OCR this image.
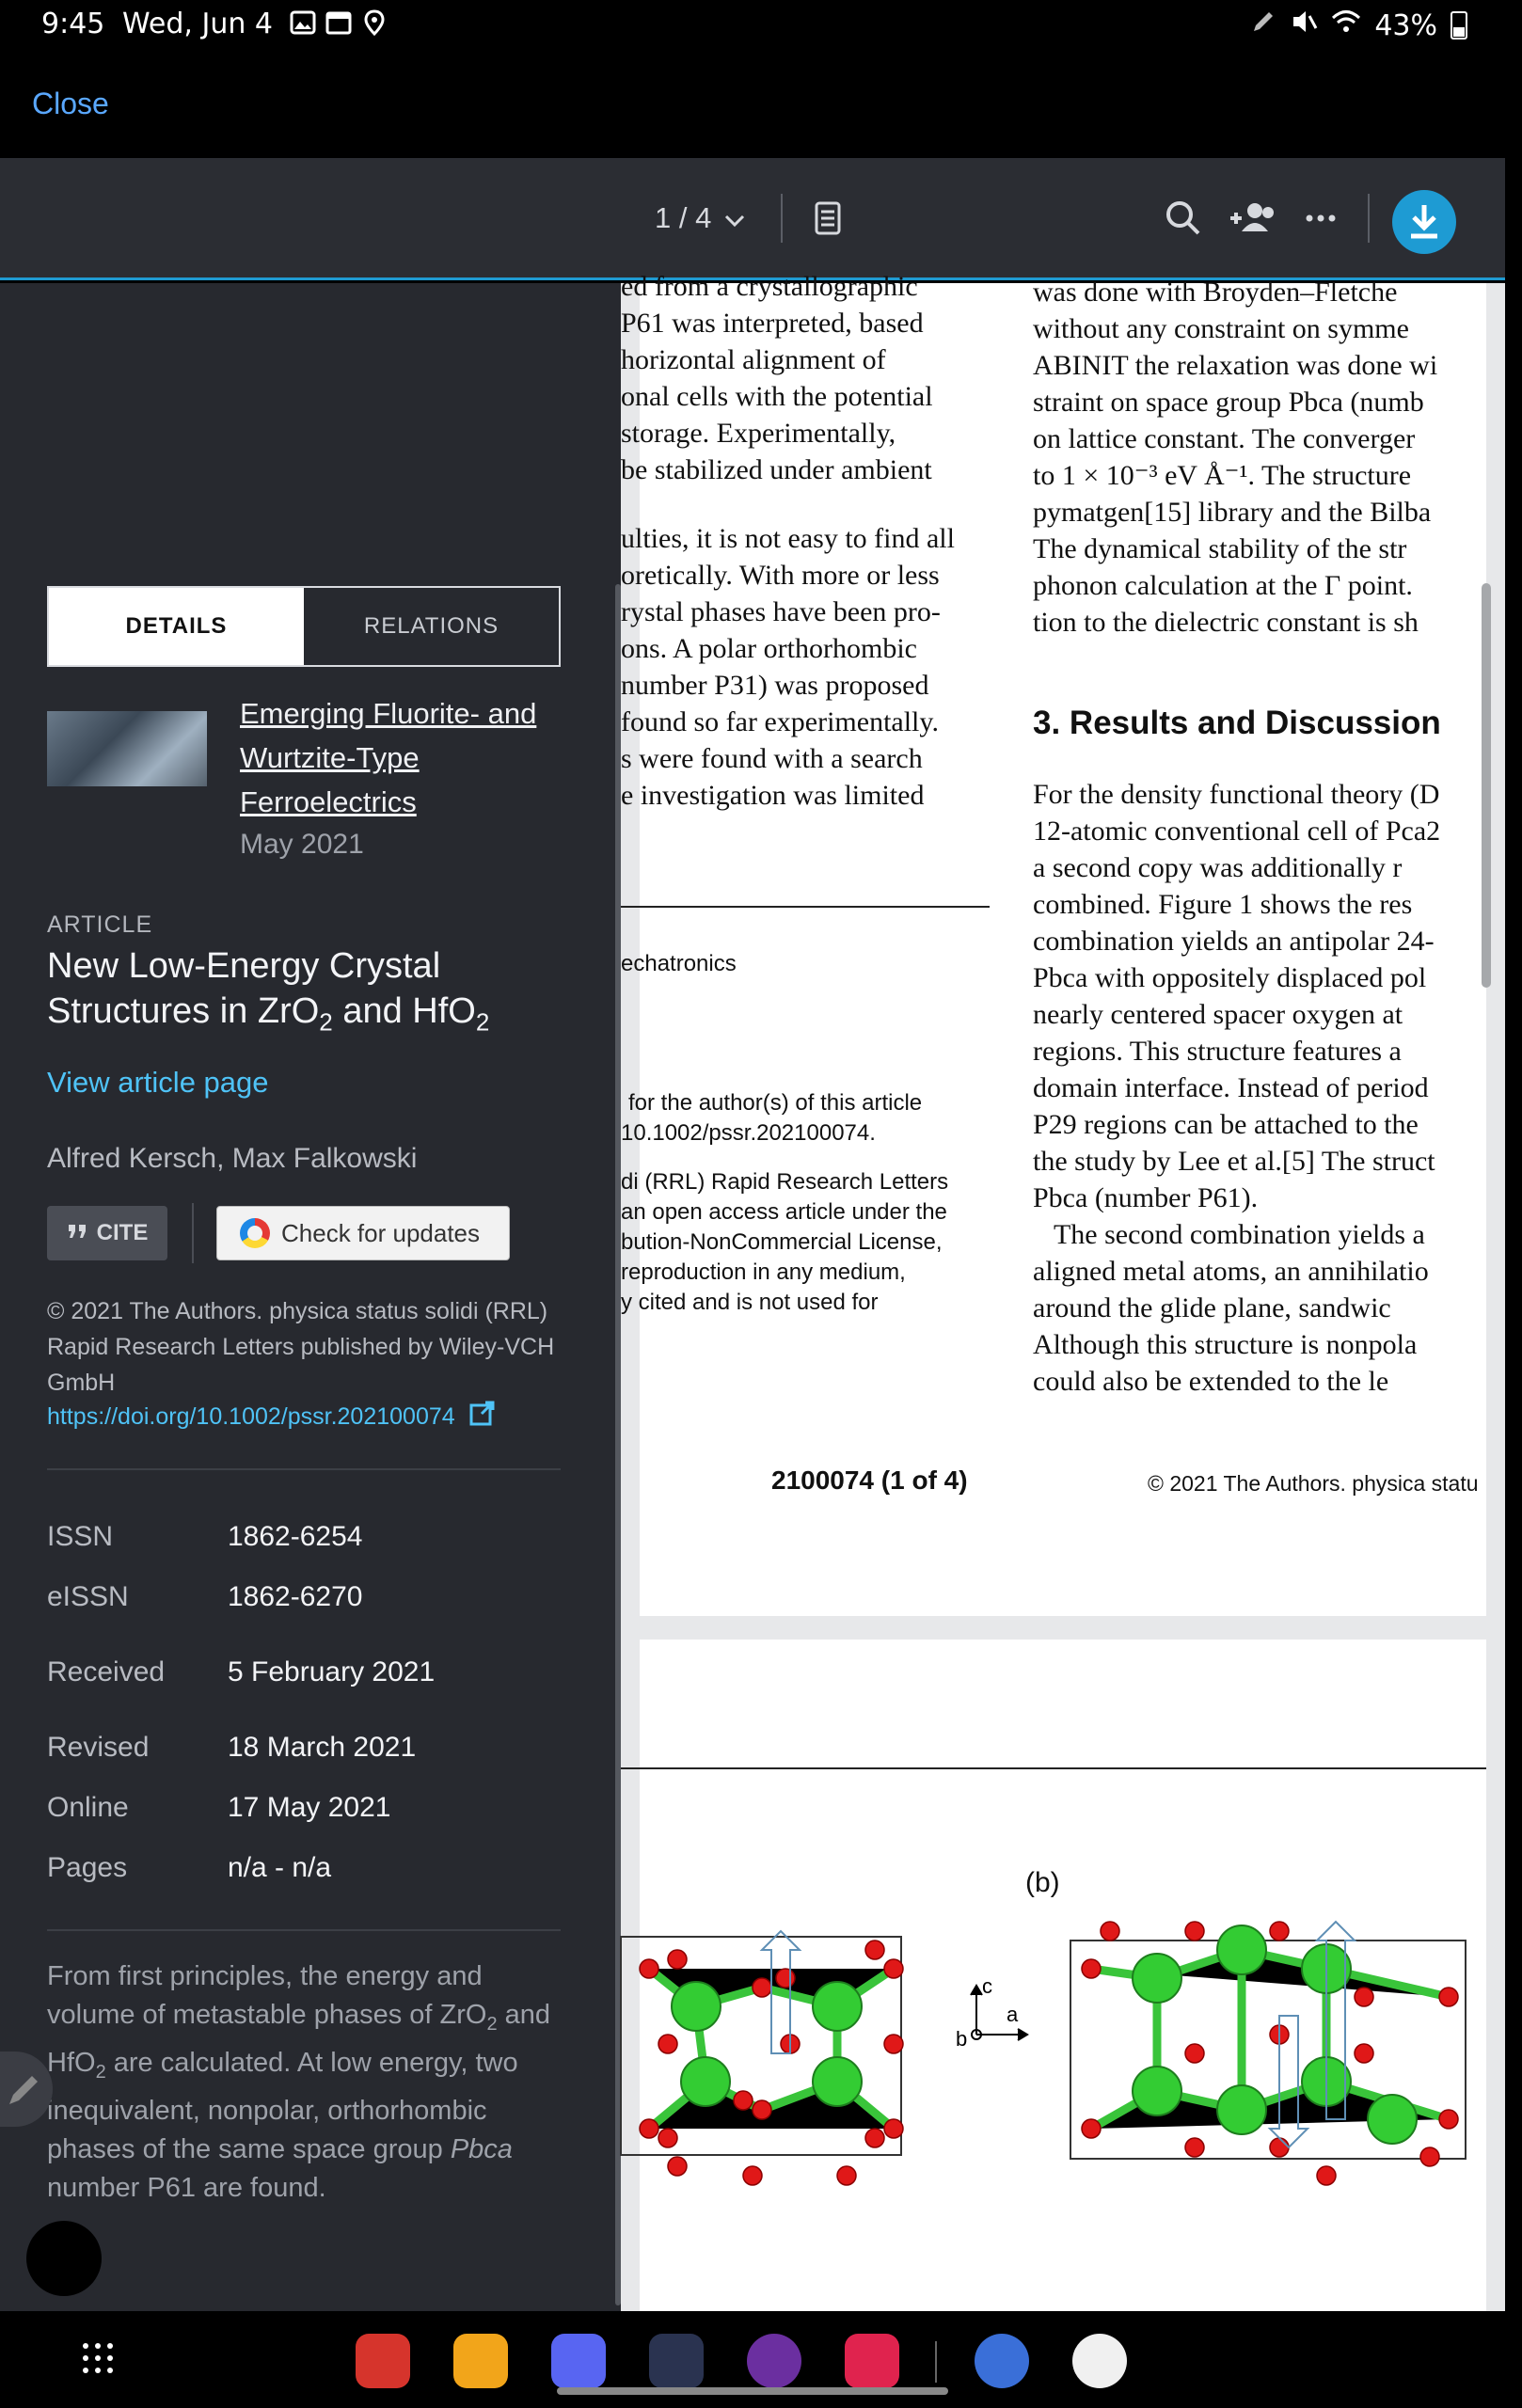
9:45 Wed, Jun 4	43%
Close
1 / 4
Emerging Fluorite- and
Wurtzite-Type
Ferroelectrics
May 2021
DETAILS	RELATIONS
ARTICLE
New Low-Energy Crystal
Structures in ZrO$_2$ and HfO$_2$
View article page
Alfred Kersch, Max Falkowski
CITE	Check for updates
© 2021 The Authors. physica status solidi (RRL) Rapid Research Letters published by Wiley-VCH GmbH
https://doi.org/10.1002/pssr.202100074
ISSN	1862-6254
eISSN	1862-6270
Received	5 February 2021
Revised	18 March 2021
Online	17 May 2021
Pages	n/a - n/a
From first principles, the energy and volume of metastable phases of ZrO$_2$ and HfO$_2$ are calculated. At low energy, two inequivalent, nonpolar, orthorhombic phases of the same space group Pbca number P61 are found.
ed from a crystallographic
P61 was interpreted, based
horizontal alignment of
onal cells with the potential
storage. Experimentally,
be stabilized under ambient
ulties, it is not easy to find all
oretically. With more or less
rystal phases have been pro-
ons. A polar orthorhombic
number P31) was proposed
found so far experimentally.
s were found with a search
e investigation was limited
echatronics
for the author(s) of this article
10.1002/pssr.202100074.
di (RRL) Rapid Research Letters
an open access article under the
bution-NonCommercial License,
reproduction in any medium,
y cited and is not used for
was done with Broyden–Fletche
without any constraint on symme
ABINIT the relaxation was done wi
straint on space group Pbca (numb
on lattice constant. The converger
to 1 × 10⁻³ eV Å⁻¹. The structure
pymatgen[15] library and the Bilba
The dynamical stability of the str
phonon calculation at the Γ point.
tion to the dielectric constant is sh
3. Results and Discussion
For the density functional theory (D
12-atomic conventional cell of Pca2
a second copy was additionally r
combined. Figure 1 shows the res
combination yields an antipolar 24-
Pbca with oppositely displaced pol
nearly centered spacer oxygen at
regions. This structure features a
domain interface. Instead of period
P29 regions can be attached to the
the study by Lee et al.[5] The struct
Pbca (number P61).
The second combination yields a
aligned metal atoms, an annihilatio
around the glide plane, sandwic
Although this structure is nonpola
could also be extended to the le
2100074 (1 of 4)	© 2021 The Authors. physica statu
(b)
c
a
b
